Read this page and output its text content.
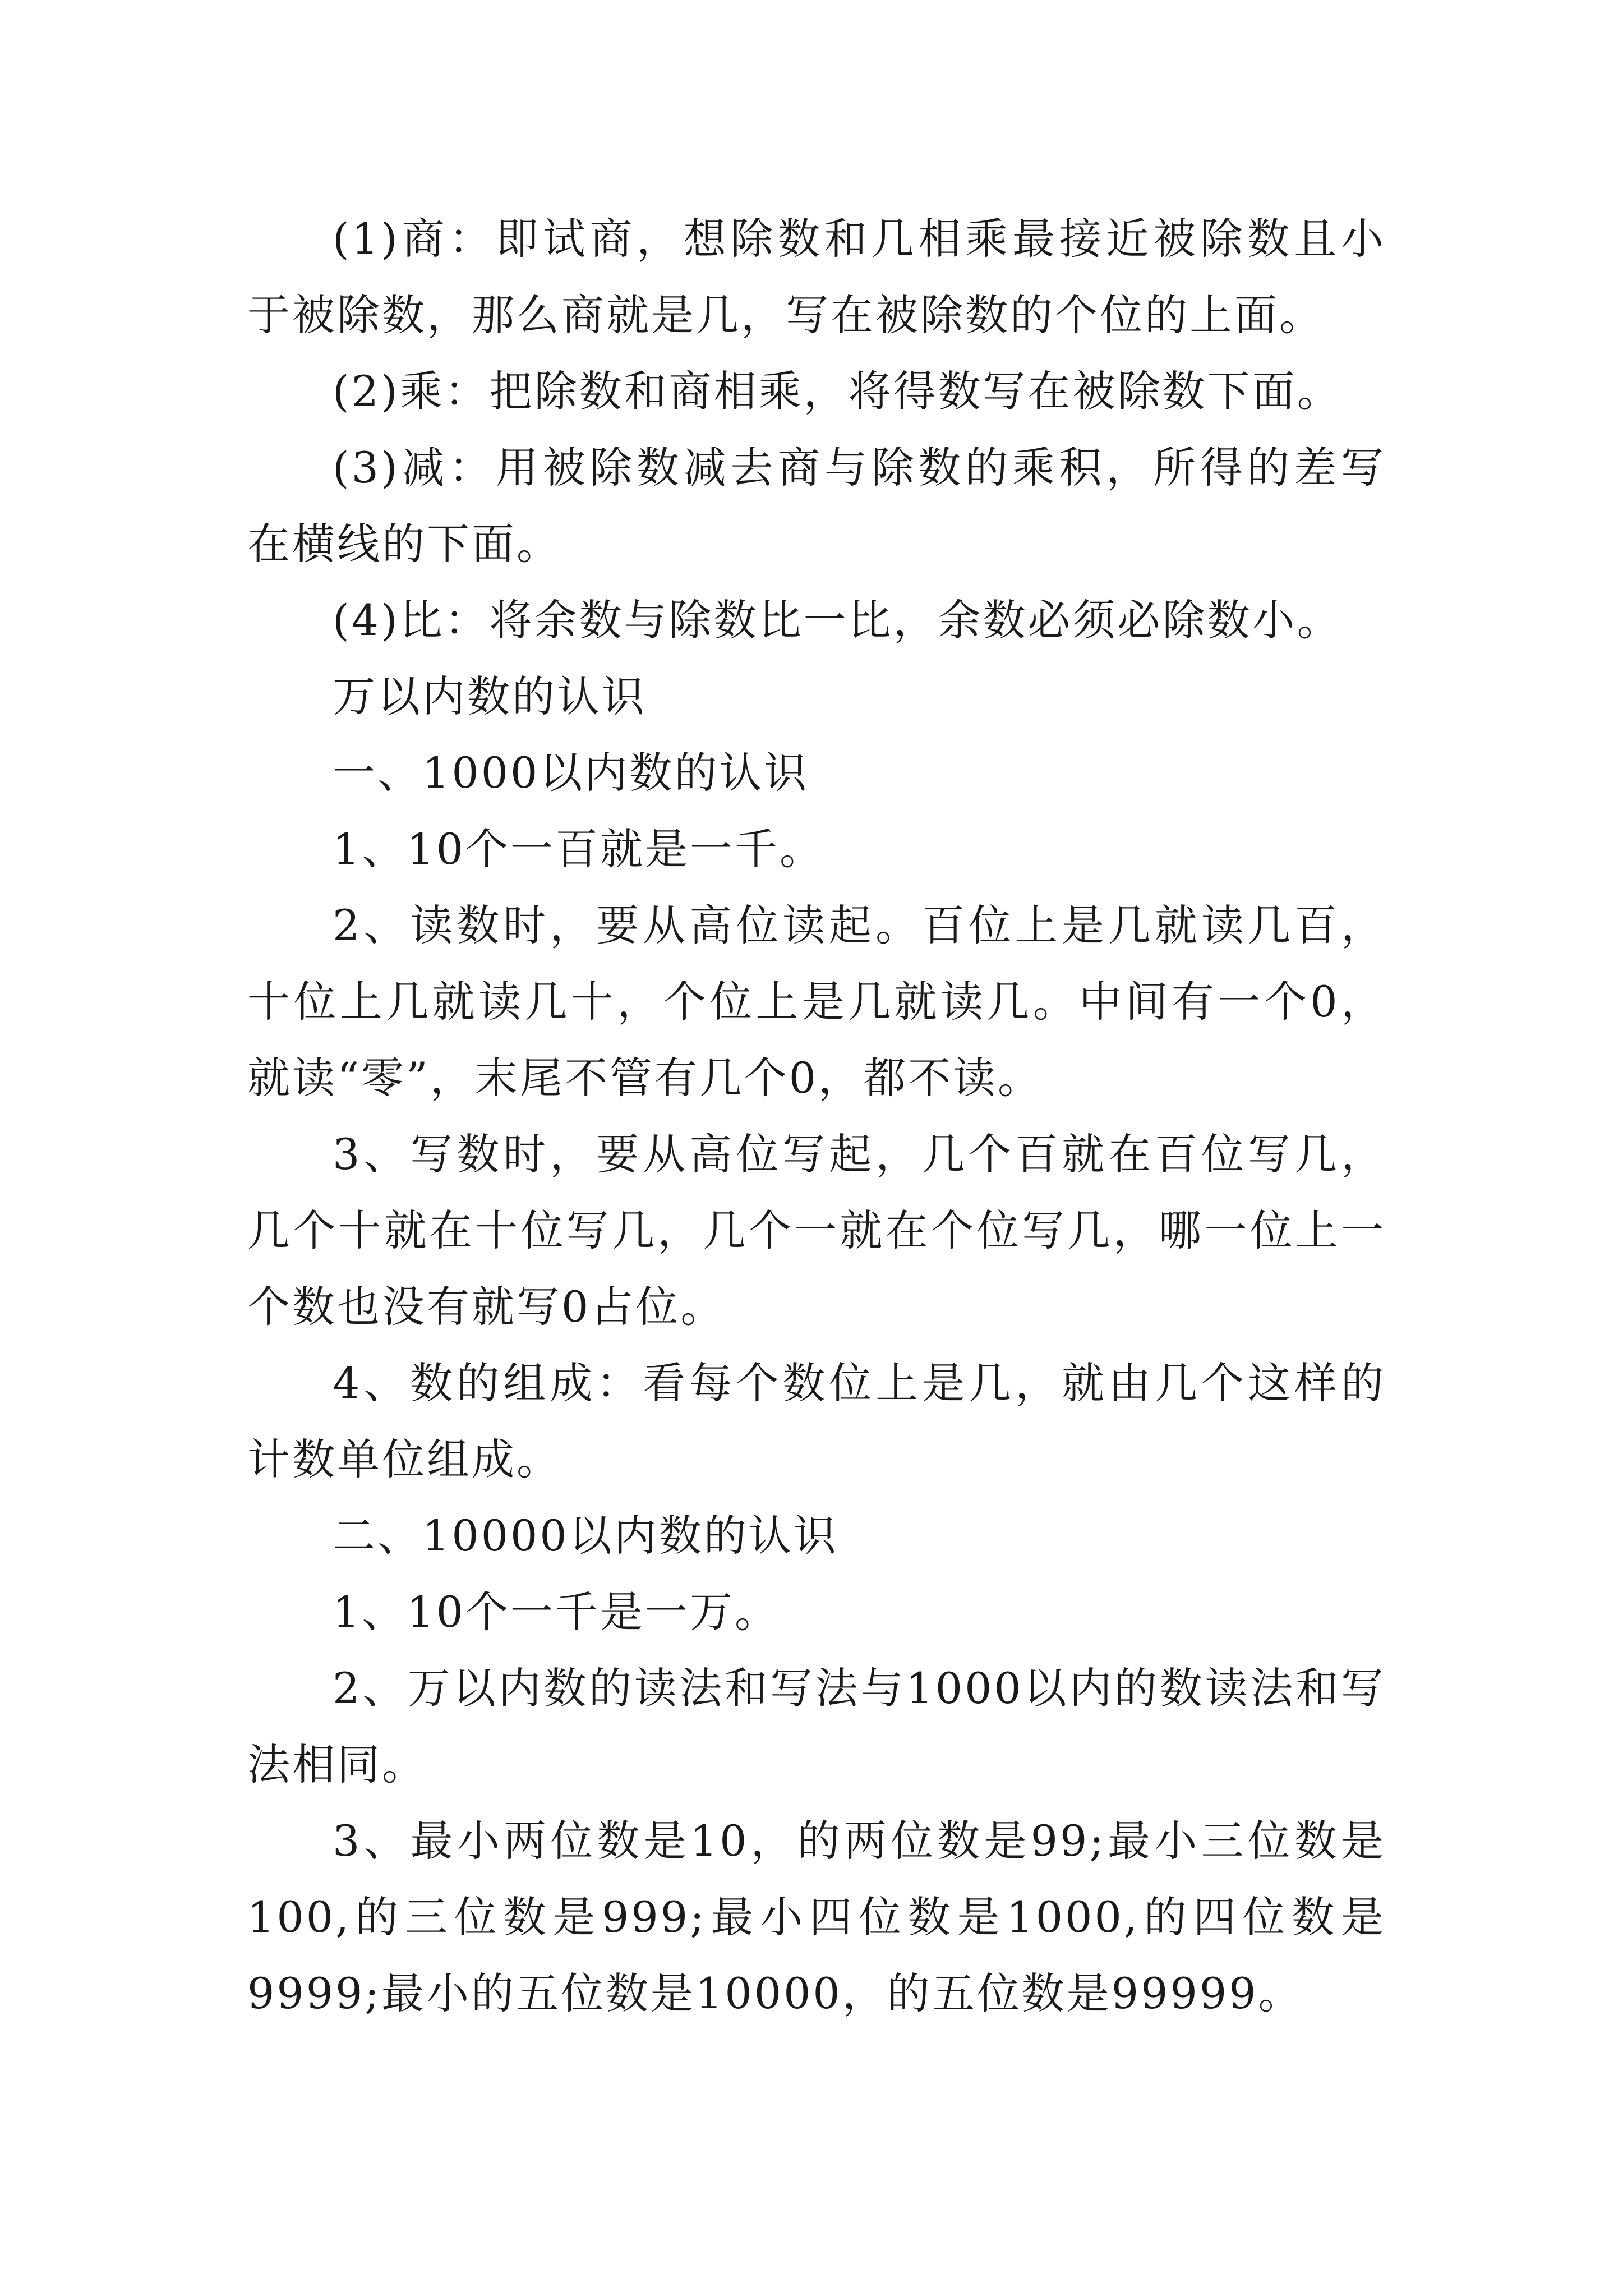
(1)商：即试商，想除数和几相乘最接近被除数且小于被除数，那么商就是几，写在被除数的个位的上面。

(2)乘：把除数和商相乘，将得数写在被除数下面。

(3)减：用被除数减去商与除数的乘积，所得的差写在横线的下面。

(4)比：将余数与除数比一比，余数必须必除数小。

万以内数的认识

一、1000以内数的认识

1、10个一百就是一千。

2、读数时，要从高位读起。百位上是几就读几百，十位上几就读几十，个位上是几就读几。中间有一个0，就读“零”，末尾不管有几个0，都不读。

3、写数时，要从高位写起，几个百就在百位写几，几个十就在十位写几，几个一就在个位写几，哪一位上一个数也没有就写0占位。

4、数的组成：看每个数位上是几，就由几个这样的计数单位组成。

二、10000以内数的认识

1、10个一千是一万。

2、万以内数的读法和写法与1000以内的数读法和写法相同。

3、最小两位数是10，的两位数是99;最小三位数是100,的三位数是999;最小四位数是1000,的四位数是9999;最小的五位数是10000，的五位数是99999。
